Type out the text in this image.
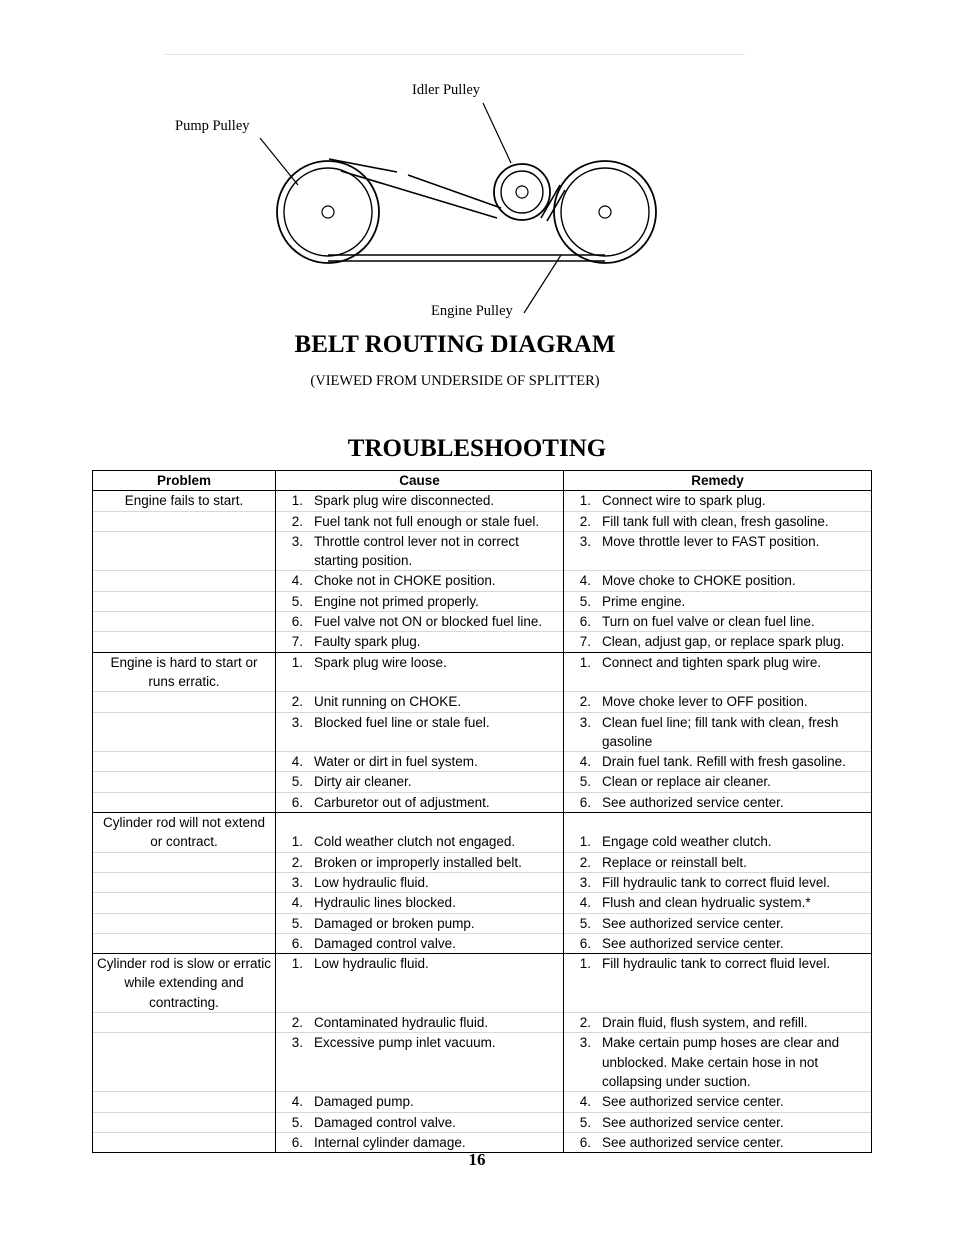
Idler Pulley
Pump Pulley
Engine Pulley
BELT ROUTING DIAGRAM
(VIEWED FROM UNDERSIDE OF SPLITTER)
TROUBLESHOOTING
Problem	Cause	Remedy
Engine fails to start.	1. Spark plug wire disconnected.	1. Connect wire to spark plug.

	2. Fuel tank not full enough or stale fuel.	2. Fill tank full with clean, fresh gasoline.

	3. Throttle control lever not in correct starting position.	3. Move throttle lever to FAST position.

	4. Choke not in CHOKE position.	4. Move choke to CHOKE position.

	5. Engine not primed properly.	5. Prime engine.

	6. Fuel valve not ON or blocked fuel line.	6. Turn on fuel valve or clean fuel line.

	7. Faulty spark plug.	7. Clean, adjust gap, or replace spark plug.

Engine is hard to start or runs erratic.	1. Spark plug wire loose.	1. Connect and tighten spark plug wire.

	2. Unit running on CHOKE.	2. Move choke lever to OFF position.

	3. Blocked fuel line or stale fuel.	3. Clean fuel line; fill tank with clean, fresh gasoline

	4. Water or dirt in fuel system.	4. Drain fuel tank. Refill with fresh gasoline.

	5. Dirty air cleaner.	5. Clean or replace air cleaner.

	6. Carburetor out of adjustment.	6. See authorized service center.

Cylinder rod will not extend or contract.	1. Cold weather clutch not engaged.	1. Engage cold weather clutch.

	2. Broken or improperly installed belt.	2. Replace or reinstall belt.

	3. Low hydraulic fluid.	3. Fill hydraulic tank to correct fluid level.

	4. Hydraulic lines blocked.	4. Flush and clean hydrualic system.*

	5. Damaged or broken pump.	5. See authorized service center.

	6. Damaged control valve.	6. See authorized service center.

Cylinder rod is slow or erratic while extending and contracting.	1. Low hydraulic fluid.	1. Fill hydraulic tank to correct fluid level.

	2. Contaminated hydraulic fluid.	2. Drain fluid, flush system, and refill.

	3. Excessive pump inlet vacuum.	3. Make certain pump hoses are clear and unblocked. Make certain hose in not collapsing under suction.

	4. Damaged pump.	4. See authorized service center.

	5. Damaged control valve.	5. See authorized service center.

	6. Internal cylinder damage.	6. See authorized service center.
16
